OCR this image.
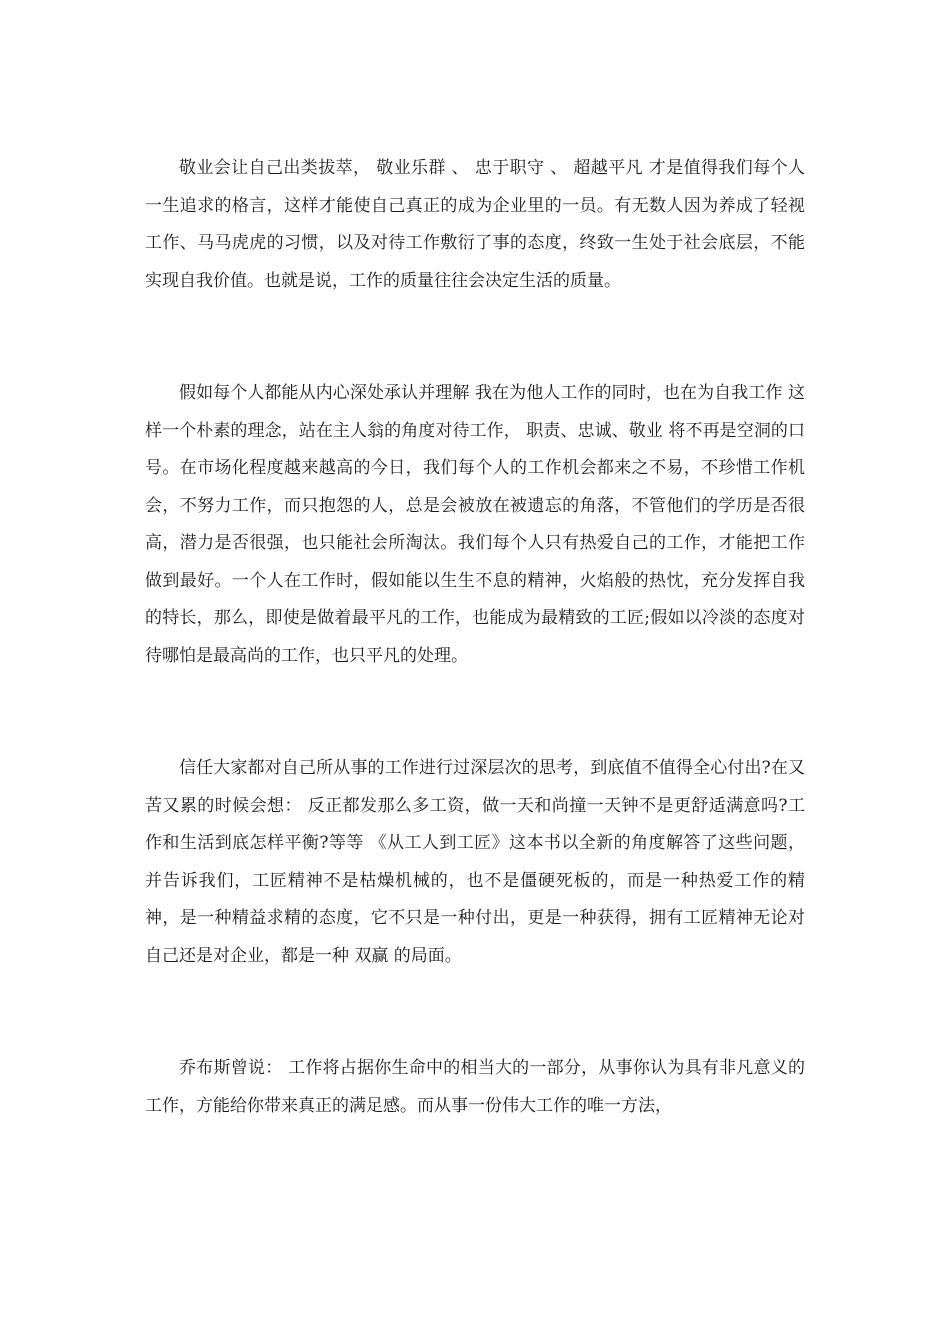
敬业会让自己出类拔萃， 敬业乐群 、 忠于职守 、 超越平凡 才是值得我们每个人一生追求的格言，这样才能使自己真正的成为企业里的一员。有无数人因为养成了轻视工作、马马虎虎的习惯，以及对待工作敷衍了事的态度，终致一生处于社会底层，不能实现自我价值。也就是说，工作的质量往往会决定生活的质量。

假如每个人都能从内心深处承认并理解 我在为他人工作的同时，也在为自我工作 这样一个朴素的理念，站在主人翁的角度对待工作， 职责、忠诚、敬业 将不再是空洞的口号。在市场化程度越来越高的今日，我们每个人的工作机会都来之不易，不珍惜工作机会，不努力工作，而只抱怨的人，总是会被放在被遗忘的角落，不管他们的学历是否很高，潜力是否很强，也只能社会所淘汰。我们每个人只有热爱自己的工作，才能把工作做到最好。一个人在工作时，假如能以生生不息的精神，火焰般的热忱，充分发挥自我的特长，那么，即使是做着最平凡的工作，也能成为最精致的工匠;假如以冷淡的态度对待哪怕是最高尚的工作，也只平凡的处理。

信任大家都对自己所从事的工作进行过深层次的思考，到底值不值得全心付出?在又苦又累的时候会想： 反正都发那么多工资，做一天和尚撞一天钟不是更舒适满意吗?工作和生活到底怎样平衡?等等 《从工人到工匠》这本书以全新的角度解答了这些问题，并告诉我们，工匠精神不是枯燥机械的，也不是僵硬死板的，而是一种热爱工作的精神，是一种精益求精的态度，它不只是一种付出，更是一种获得，拥有工匠精神无论对自己还是对企业，都是一种 双赢 的局面。

乔布斯曾说： 工作将占据你生命中的相当大的一部分，从事你认为具有非凡意义的工作，方能给你带来真正的满足感。而从事一份伟大工作的唯一方法，
